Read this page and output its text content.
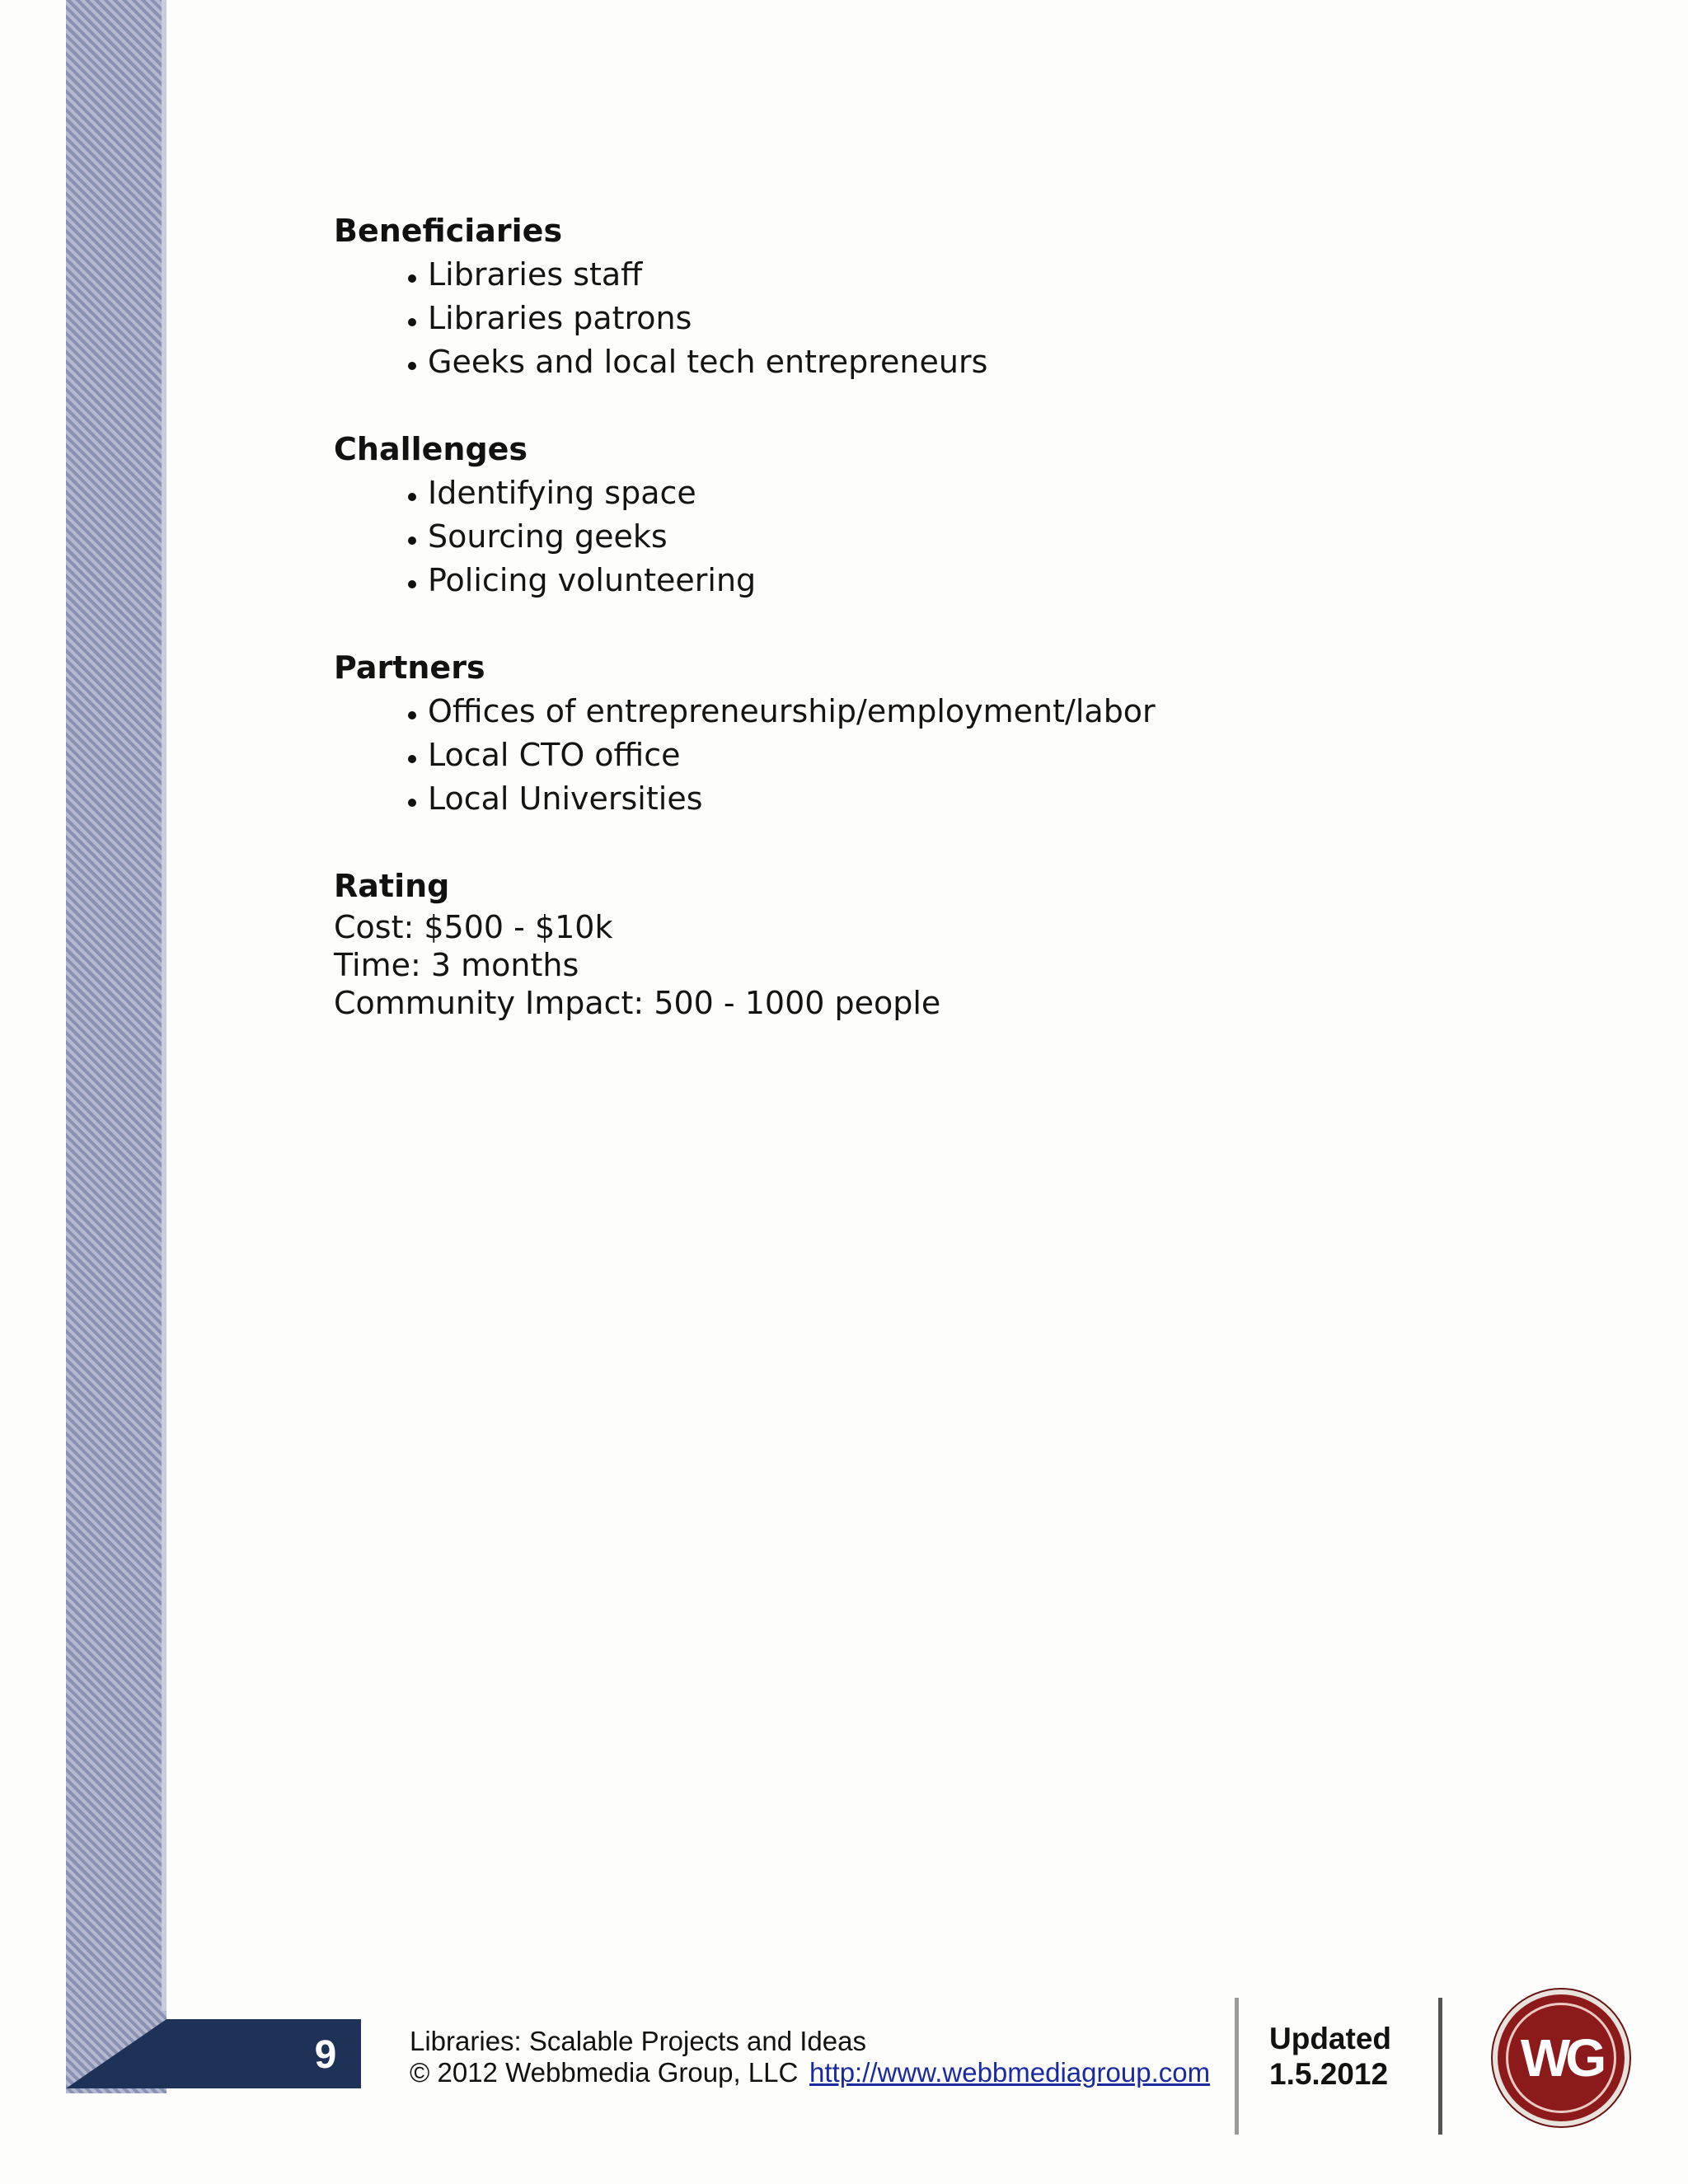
Beneficiaries
Libraries staff
Libraries patrons
Geeks and local tech entrepreneurs
Challenges
Identifying space
Sourcing geeks
Policing volunteering
Partners
Offices of entrepreneurship/employment/labor
Local CTO office
Local Universities
Rating
Cost: $500 - $10k
Time: 3 months
Community Impact: 500 - 1000 people
9	Libraries: Scalable Projects and Ideas
© 2012 Webbmedia Group, LLC http://www.webbmediagroup.com
Updated
1.5.2012	WG
